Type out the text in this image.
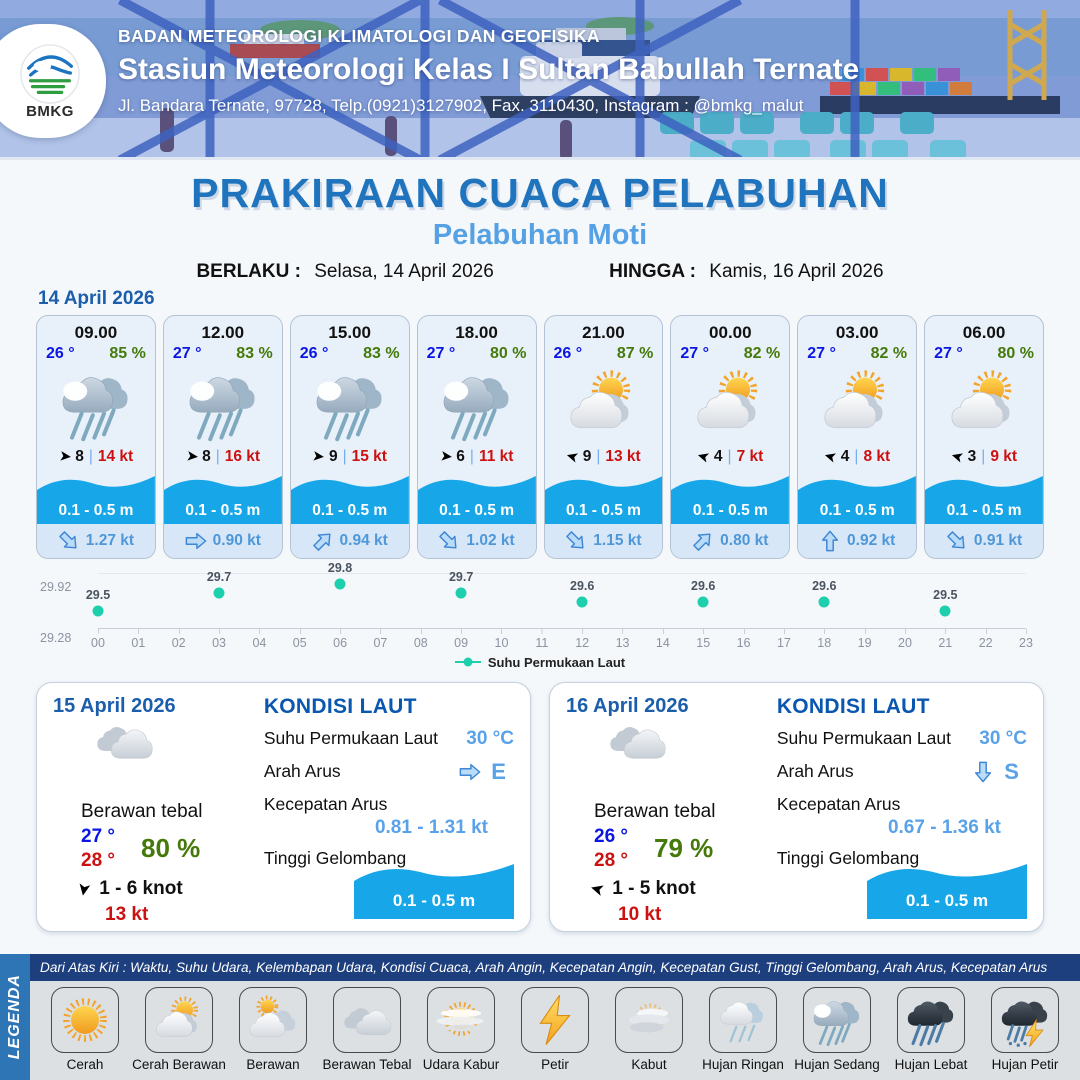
BMKG
BADAN METEOROLOGI KLIMATOLOGI DAN GEOFISIKA
Stasiun Meteorologi Kelas I Sultan Babullah Ternate
Jl. Bandara Ternate, 97728, Telp.(0921)3127902, Fax. 3110430, Instagram : @bmkg_malut
PRAKIRAAN CUACA PELABUHAN
Pelabuhan Moti
BERLAKU : Selasa, 14 April 2026	HINGGA : Kamis, 16 April 2026
14 April 2026
09.00
26 ° 85 %
➤ 8 | 14 kt
0.1 - 0.5 m
1.27 kt
12.00
27 ° 83 %
➤ 8 | 16 kt
0.1 - 0.5 m
0.90 kt
15.00
26 ° 83 %
➤ 9 | 15 kt
0.1 - 0.5 m
0.94 kt
18.00
27 ° 80 %
➤ 6 | 11 kt
0.1 - 0.5 m
1.02 kt
21.00
26 ° 87 %
➤ 9 | 13 kt
0.1 - 0.5 m
1.15 kt
00.00
27 ° 82 %
➤ 4 | 7 kt
0.1 - 0.5 m
0.80 kt
03.00
27 ° 82 %
➤ 4 | 8 kt
0.1 - 0.5 m
0.92 kt
06.00
27 ° 80 %
➤ 3 | 9 kt
0.1 - 0.5 m
0.91 kt
29.92
29.28
29.5
29.7
29.8
29.7
29.6	29.6	29.6
29.5
00 01 02 03 04 05 06 07 08 09 10 11 12 13 14 15 16 17 18 19 20 21 22 23
Suhu Permukaan Laut
15 April 2026
Berawan tebal
27 °
28 ° 80 %
➤ 1 - 6 knot
13 kt
KONDISI LAUT
Suhu Permukaan Laut 30 °C
Arah Arus	E
Kecepatan Arus
0.81 - 1.31 kt
Tinggi Gelombang
0.1 - 0.5 m
16 April 2026
Berawan tebal
26 °
28 ° 79 %
➤ 1 - 5 knot
10 kt
KONDISI LAUT
Suhu Permukaan Laut 30 °C
Arah Arus	S
Kecepatan Arus
0.67 - 1.36 kt
Tinggi Gelombang
0.1 - 0.5 m
LEGENDA
Dari Atas Kiri : Waktu, Suhu Udara, Kelembapan Udara, Kondisi Cuaca, Arah Angin, Kecepatan Angin, Kecepatan Gust, Tinggi Gelombang, Arah Arus, Kecepatan Arus
Cerah Cerah Berawan Berawan Berawan Tebal Udara Kabur	Petir	Kabut	Hujan Ringan Hujan Sedang Hujan Lebat Hujan Petir
